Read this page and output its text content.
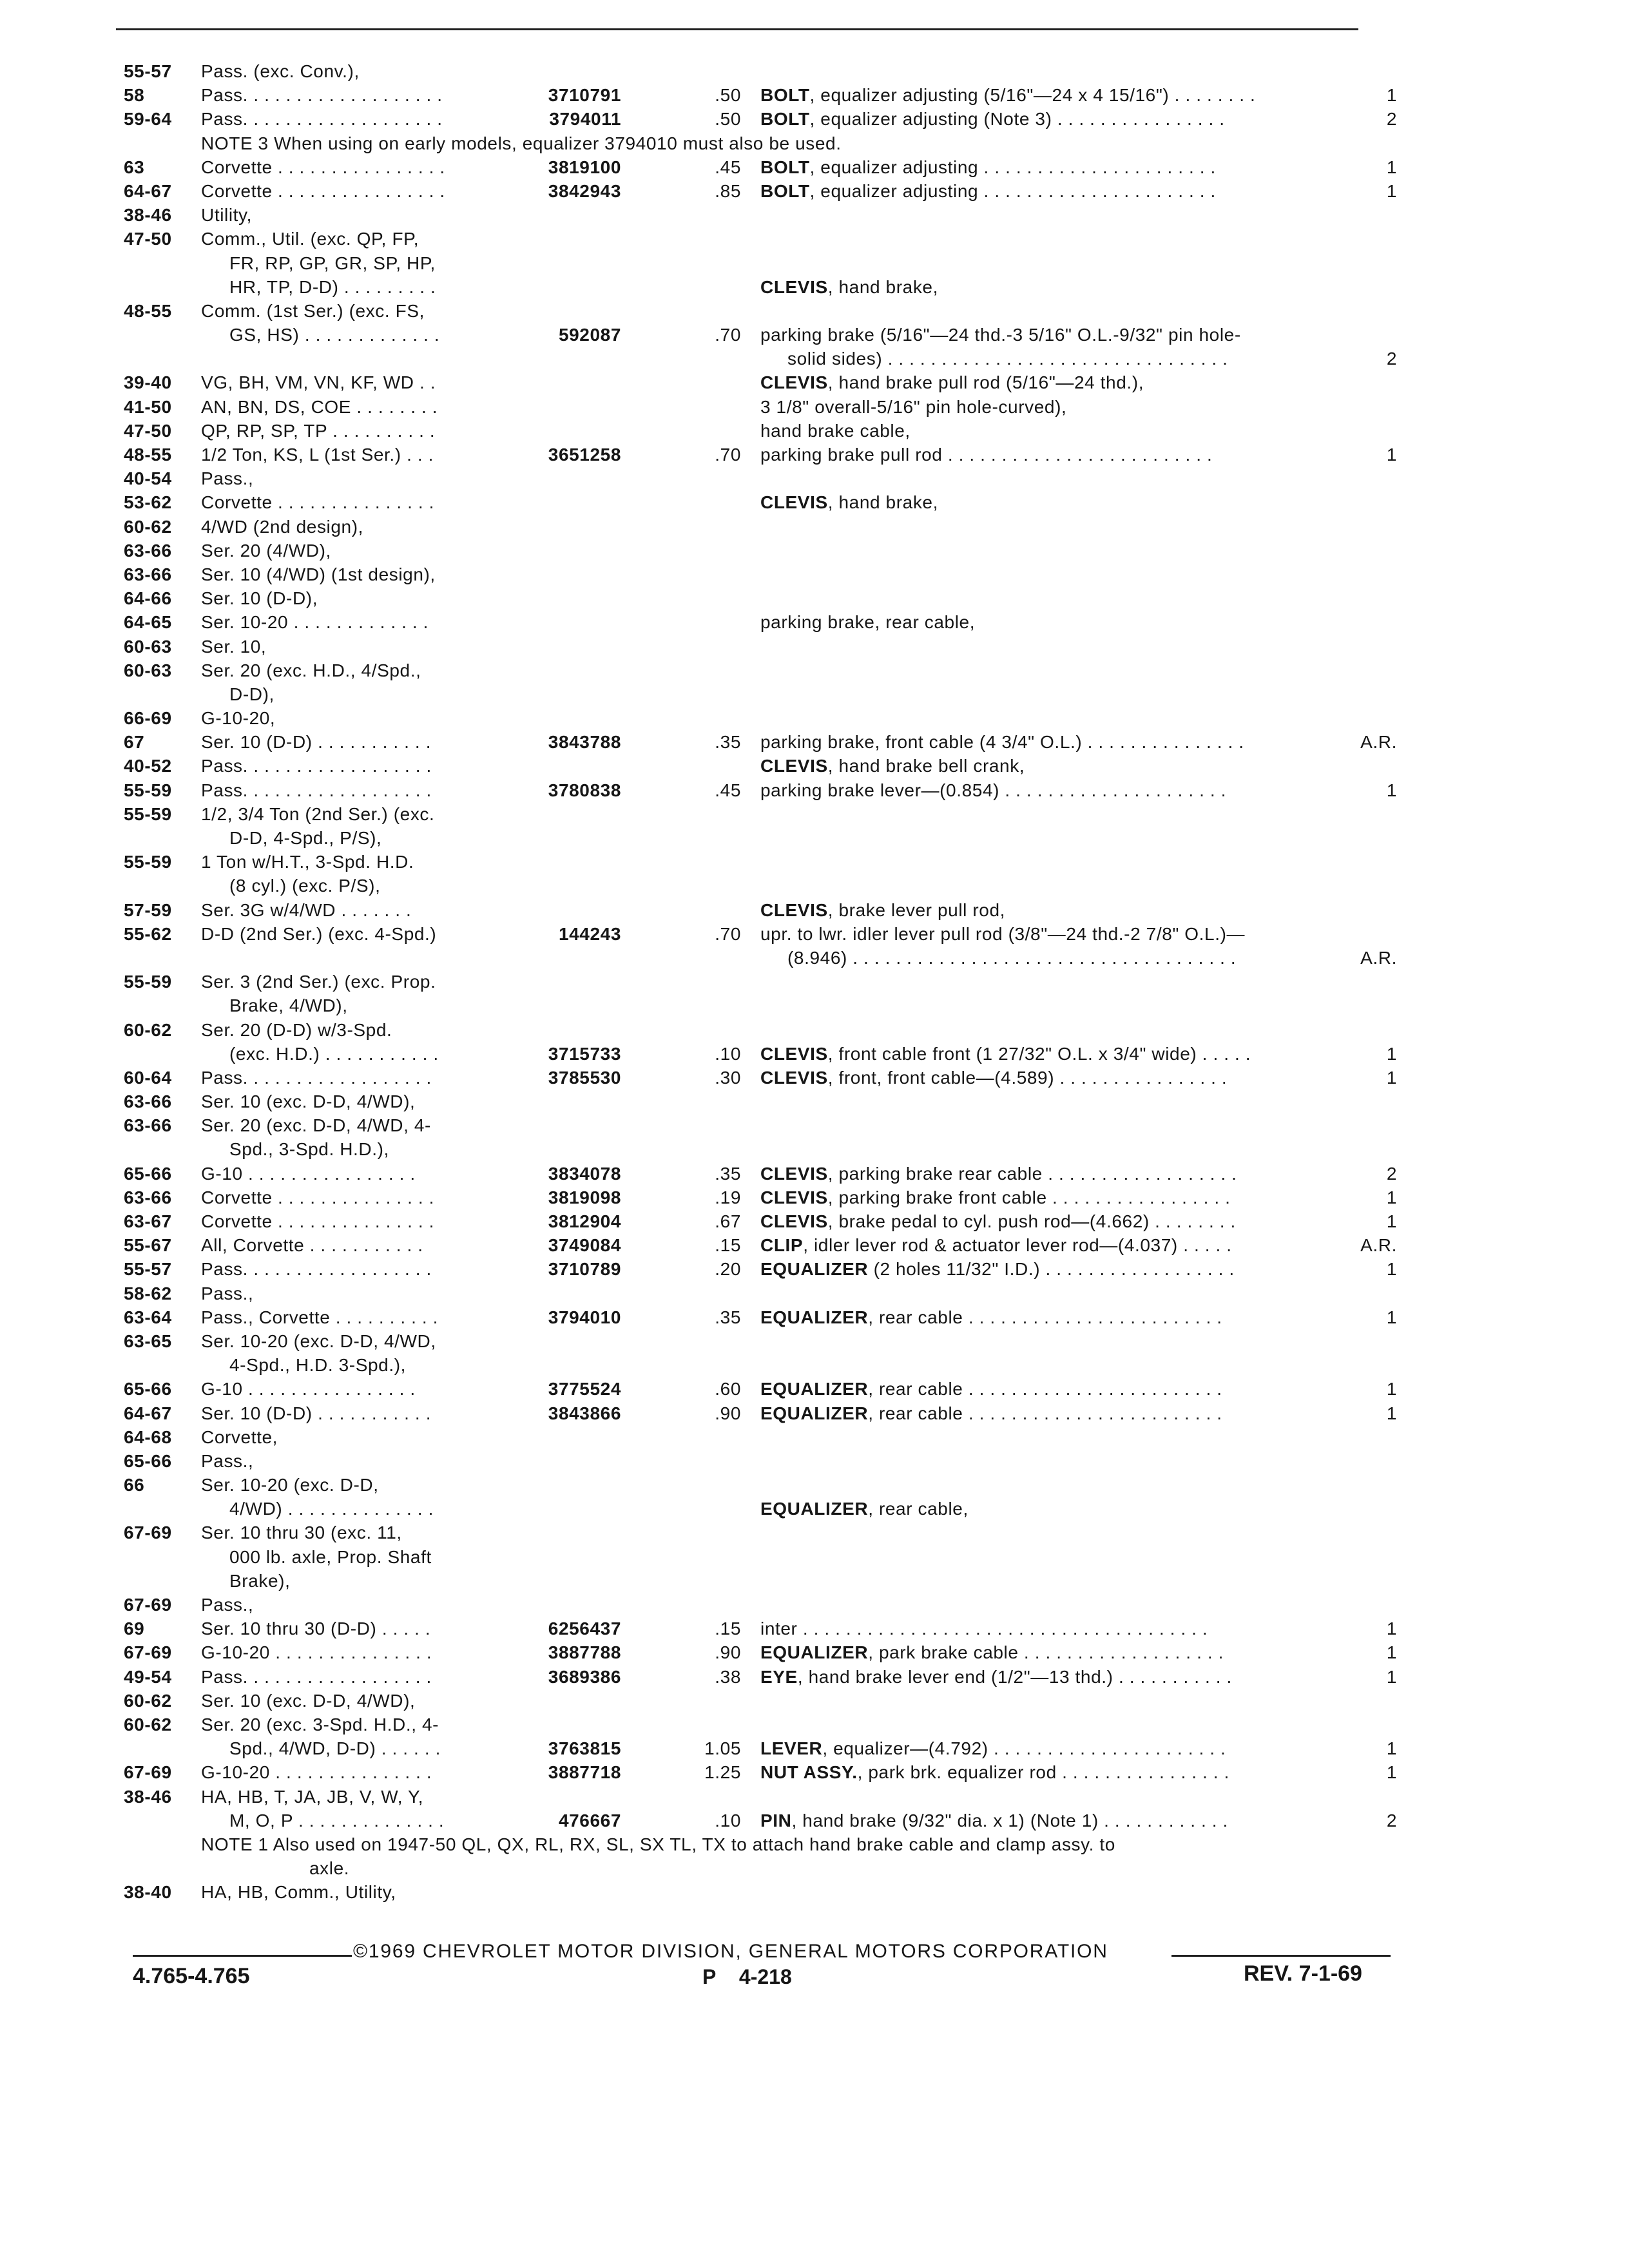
55-57 Pass. (exc. Conv.),
58	Pass. . . . . . . . . . . . . . . . . . .	3710791	.50 BOLT, equalizer adjusting (5/16"—24 x 4 15/16") . . . . . . . .	1
59-64 Pass. . . . . . . . . . . . . . . . . . .	3794011	.50 BOLT, equalizer adjusting (Note 3) . . . . . . . . . . . . . . . .	2
NOTE 3 When using on early models, equalizer 3794010 must also be used.
63	Corvette . . . . . . . . . . . . . . . .	3819100	.45 BOLT, equalizer adjusting . . . . . . . . . . . . . . . . . . . . . .	1
64-67 Corvette . . . . . . . . . . . . . . . .	3842943	.85 BOLT, equalizer adjusting . . . . . . . . . . . . . . . . . . . . . .	1
38-46 Utility,
47-50 Comm., Util. (exc. QP, FP,
FR, RP, GP, GR, SP, HP,
HR, TP, D-D) . . . . . . . . .	CLEVIS, hand brake,
48-55 Comm. (1st Ser.) (exc. FS,
GS, HS) . . . . . . . . . . . . .	592087	.70 parking brake (5/16"—24 thd.-3 5/16" O.L.-9/32" pin hole-
solid sides) . . . . . . . . . . . . . . . . . . . . . . . . . . . . . . . .	2
39-40 VG, BH, VM, VN, KF, WD . .	CLEVIS, hand brake pull rod (5/16"—24 thd.),
41-50 AN, BN, DS, COE . . . . . . . .	3 1/8" overall-5/16" pin hole-curved),
47-50 QP, RP, SP, TP . . . . . . . . . .	hand brake cable,
48-55 1/2 Ton, KS, L (1st Ser.) . . .	3651258	.70 parking brake pull rod . . . . . . . . . . . . . . . . . . . . . . . . .	1
40-54 Pass.,
53-62 Corvette . . . . . . . . . . . . . . .	CLEVIS, hand brake,
60-62 4/WD (2nd design),
63-66 Ser. 20 (4/WD),
63-66 Ser. 10 (4/WD) (1st design),
64-66 Ser. 10 (D-D),
64-65 Ser. 10-20 . . . . . . . . . . . . .	parking brake, rear cable,
60-63 Ser. 10,
60-63 Ser. 20 (exc. H.D., 4/Spd.,
D-D),
66-69 G-10-20,
67	Ser. 10 (D-D) . . . . . . . . . . .	3843788	.35 parking brake, front cable (4 3/4" O.L.) . . . . . . . . . . . . . . .	A.R.
40-52 Pass. . . . . . . . . . . . . . . . . .	CLEVIS, hand brake bell crank,
55-59 Pass. . . . . . . . . . . . . . . . . .	3780838	.45 parking brake lever—(0.854) . . . . . . . . . . . . . . . . . . . . .	1
55-59 1/2, 3/4 Ton (2nd Ser.) (exc.
D-D, 4-Spd., P/S),
55-59 1 Ton w/H.T., 3-Spd. H.D.
(8 cyl.) (exc. P/S),
57-59 Ser. 3G w/4/WD . . . . . . .	CLEVIS, brake lever pull rod,
55-62 D-D (2nd Ser.) (exc. 4-Spd.)	144243	.70 upr. to lwr. idler lever pull rod (3/8"—24 thd.-2 7/8" O.L.)—
(8.946) . . . . . . . . . . . . . . . . . . . . . . . . . . . . . . . . . . . .	A.R.
55-59 Ser. 3 (2nd Ser.) (exc. Prop.
Brake, 4/WD),
60-62 Ser. 20 (D-D) w/3-Spd.
(exc. H.D.) . . . . . . . . . . .	3715733	.10 CLEVIS, front cable front (1 27/32" O.L. x 3/4" wide) . . . . .	1
60-64 Pass. . . . . . . . . . . . . . . . . .	3785530	.30 CLEVIS, front, front cable—(4.589) . . . . . . . . . . . . . . . .	1
63-66 Ser. 10 (exc. D-D, 4/WD),
63-66 Ser. 20 (exc. D-D, 4/WD, 4-
Spd., 3-Spd. H.D.),
65-66 G-10 . . . . . . . . . . . . . . . .	3834078	.35 CLEVIS, parking brake rear cable . . . . . . . . . . . . . . . . . .	2
63-66 Corvette . . . . . . . . . . . . . . .	3819098	.19 CLEVIS, parking brake front cable . . . . . . . . . . . . . . . . .	1
63-67 Corvette . . . . . . . . . . . . . . .	3812904	.67 CLEVIS, brake pedal to cyl. push rod—(4.662) . . . . . . . .	1
55-67 All, Corvette . . . . . . . . . . .	3749084	.15 CLIP, idler lever rod & actuator lever rod—(4.037) . . . . .	A.R.
55-57 Pass. . . . . . . . . . . . . . . . . .	3710789	.20 EQUALIZER (2 holes 11/32" I.D.) . . . . . . . . . . . . . . . . . .	1
58-62 Pass.,
63-64 Pass., Corvette . . . . . . . . . .	3794010	.35 EQUALIZER, rear cable . . . . . . . . . . . . . . . . . . . . . . . .	1
63-65 Ser. 10-20 (exc. D-D, 4/WD,
4-Spd., H.D. 3-Spd.),
65-66 G-10 . . . . . . . . . . . . . . . .	3775524	.60 EQUALIZER, rear cable . . . . . . . . . . . . . . . . . . . . . . . .	1
64-67 Ser. 10 (D-D) . . . . . . . . . . .	3843866	.90 EQUALIZER, rear cable . . . . . . . . . . . . . . . . . . . . . . . .	1
64-68 Corvette,
65-66 Pass.,
66	Ser. 10-20 (exc. D-D,
4/WD) . . . . . . . . . . . . . .	EQUALIZER, rear cable,
67-69 Ser. 10 thru 30 (exc. 11,
000 lb. axle, Prop. Shaft
Brake),
67-69 Pass.,
69	Ser. 10 thru 30 (D-D) . . . . .	6256437	.15 inter . . . . . . . . . . . . . . . . . . . . . . . . . . . . . . . . . . . . . .	1
67-69 G-10-20 . . . . . . . . . . . . . . .	3887788	.90 EQUALIZER, park brake cable . . . . . . . . . . . . . . . . . . .	1
49-54 Pass. . . . . . . . . . . . . . . . . .	3689386	.38 EYE, hand brake lever end (1/2"—13 thd.) . . . . . . . . . . .	1
60-62 Ser. 10 (exc. D-D, 4/WD),
60-62 Ser. 20 (exc. 3-Spd. H.D., 4-
Spd., 4/WD, D-D) . . . . . .	3763815	1.05 LEVER, equalizer—(4.792) . . . . . . . . . . . . . . . . . . . . . .	1
67-69 G-10-20 . . . . . . . . . . . . . . .	3887718	1.25 NUT ASSY., park brk. equalizer rod . . . . . . . . . . . . . . . .	1
38-46 HA, HB, T, JA, JB, V, W, Y,
M, O, P . . . . . . . . . . . . . .	476667	.10 PIN, hand brake (9/32" dia. x 1) (Note 1) . . . . . . . . . . . .	2
NOTE 1 Also used on 1947-50 QL, QX, RL, RX, SL, SX TL, TX to attach hand brake cable and clamp assy. to
axle.
38-40 HA, HB, Comm., Utility,
©1969 CHEVROLET MOTOR DIVISION, GENERAL MOTORS CORPORATION
4.765-4.765	P 4-218	REV. 7-1-69
